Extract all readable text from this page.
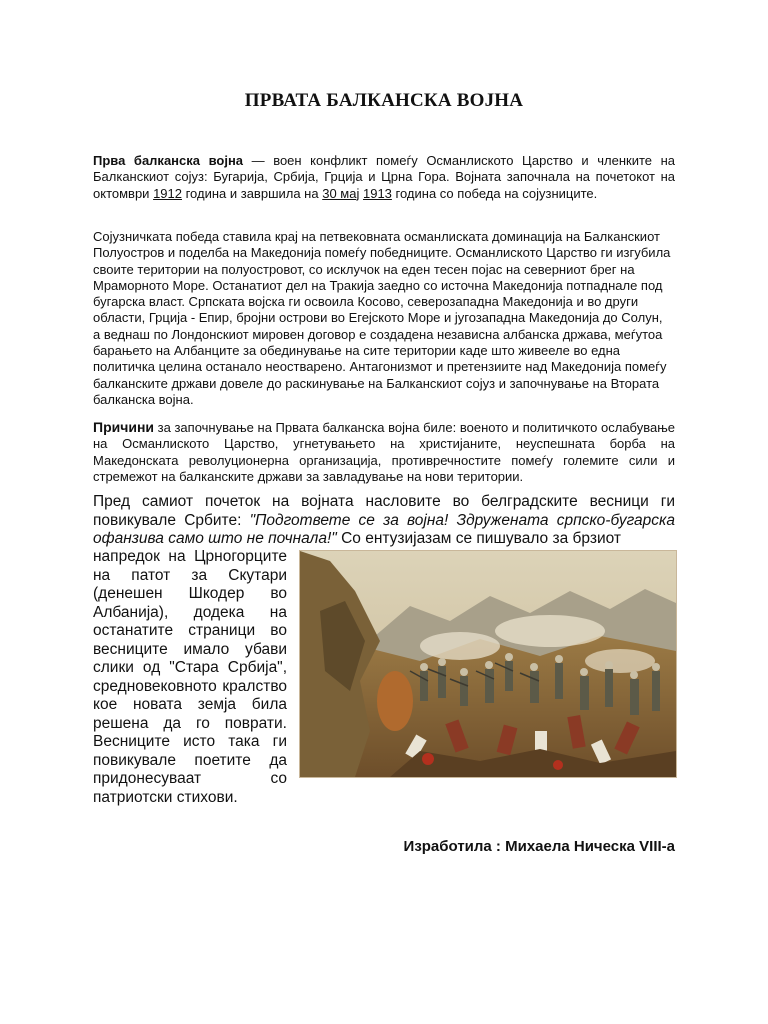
ПРВАТА БАЛКАНСКА ВОЈНА
Прва балканска војна — воен конфликт помеѓу Османлиското Царство и членките на Балканскиот сојуз: Бугарија, Србија, Грција и Црна Гора. Војната започнала на почетокот на октомври 1912 година и завршила на 30 мај 1913 година со победа на сојузниците.
Сојузничката победа ставила крај на петвековната османлиската доминација на Балканскиот Полуостров и поделба на Македонија помеѓу победниците. Османлиското Царство ги изгубила своите територии на полуостровот, со исклучок на еден тесен појас на северниот брег на Мраморното Море. Останатиот дел на Тракија заедно со источна Македонија потпаднале под бугарска власт. Српската војска ги освоила Косово, северозападна Македонија и во други области, Грција - Епир, бројни острови во Егејското Море и југозападна Македонија до Солун, а веднаш по Лондонскиот мировен договор е создадена независна албанска држава, меѓутоа барањето на Албанците за обединување на сите територии каде што живееле во една политичка целина останало неостварено. Антагонизмот и претензиите над Македонија помеѓу балканските држави довеле до раскинување на Балканскиот сојуз и започнување на Втората балканска војна.
Причини за започнување на Првата балканска војна биле: военото и политичкото ослабување на Османлиското Царство, угнетувањето на христијаните, неуспешната борба на Македонската револуционерна организација, противречностите помеѓу големите сили и стремежот на балканските држави за завладување на нови територии.
Пред самиот почеток на војната насловите во белградските весници ги повикувале Србите: "Подгответе се за војна! Здружената српско-бугарска офанзива само што не почнала!" Со ентузијазам се пишувало за брзиот
напредок на Црногорците на патот за Скутари (денешен Шкодер во Албанија), додека на останатите страници во весниците имало убави слики од "Стара Србија", средновековното кралство кое новата земја била решена да го поврати. Весниците исто така ги повикувале поетите да придонесуваат со патриотски стихови.
Изработила : Михаела Ническа VIII-а
